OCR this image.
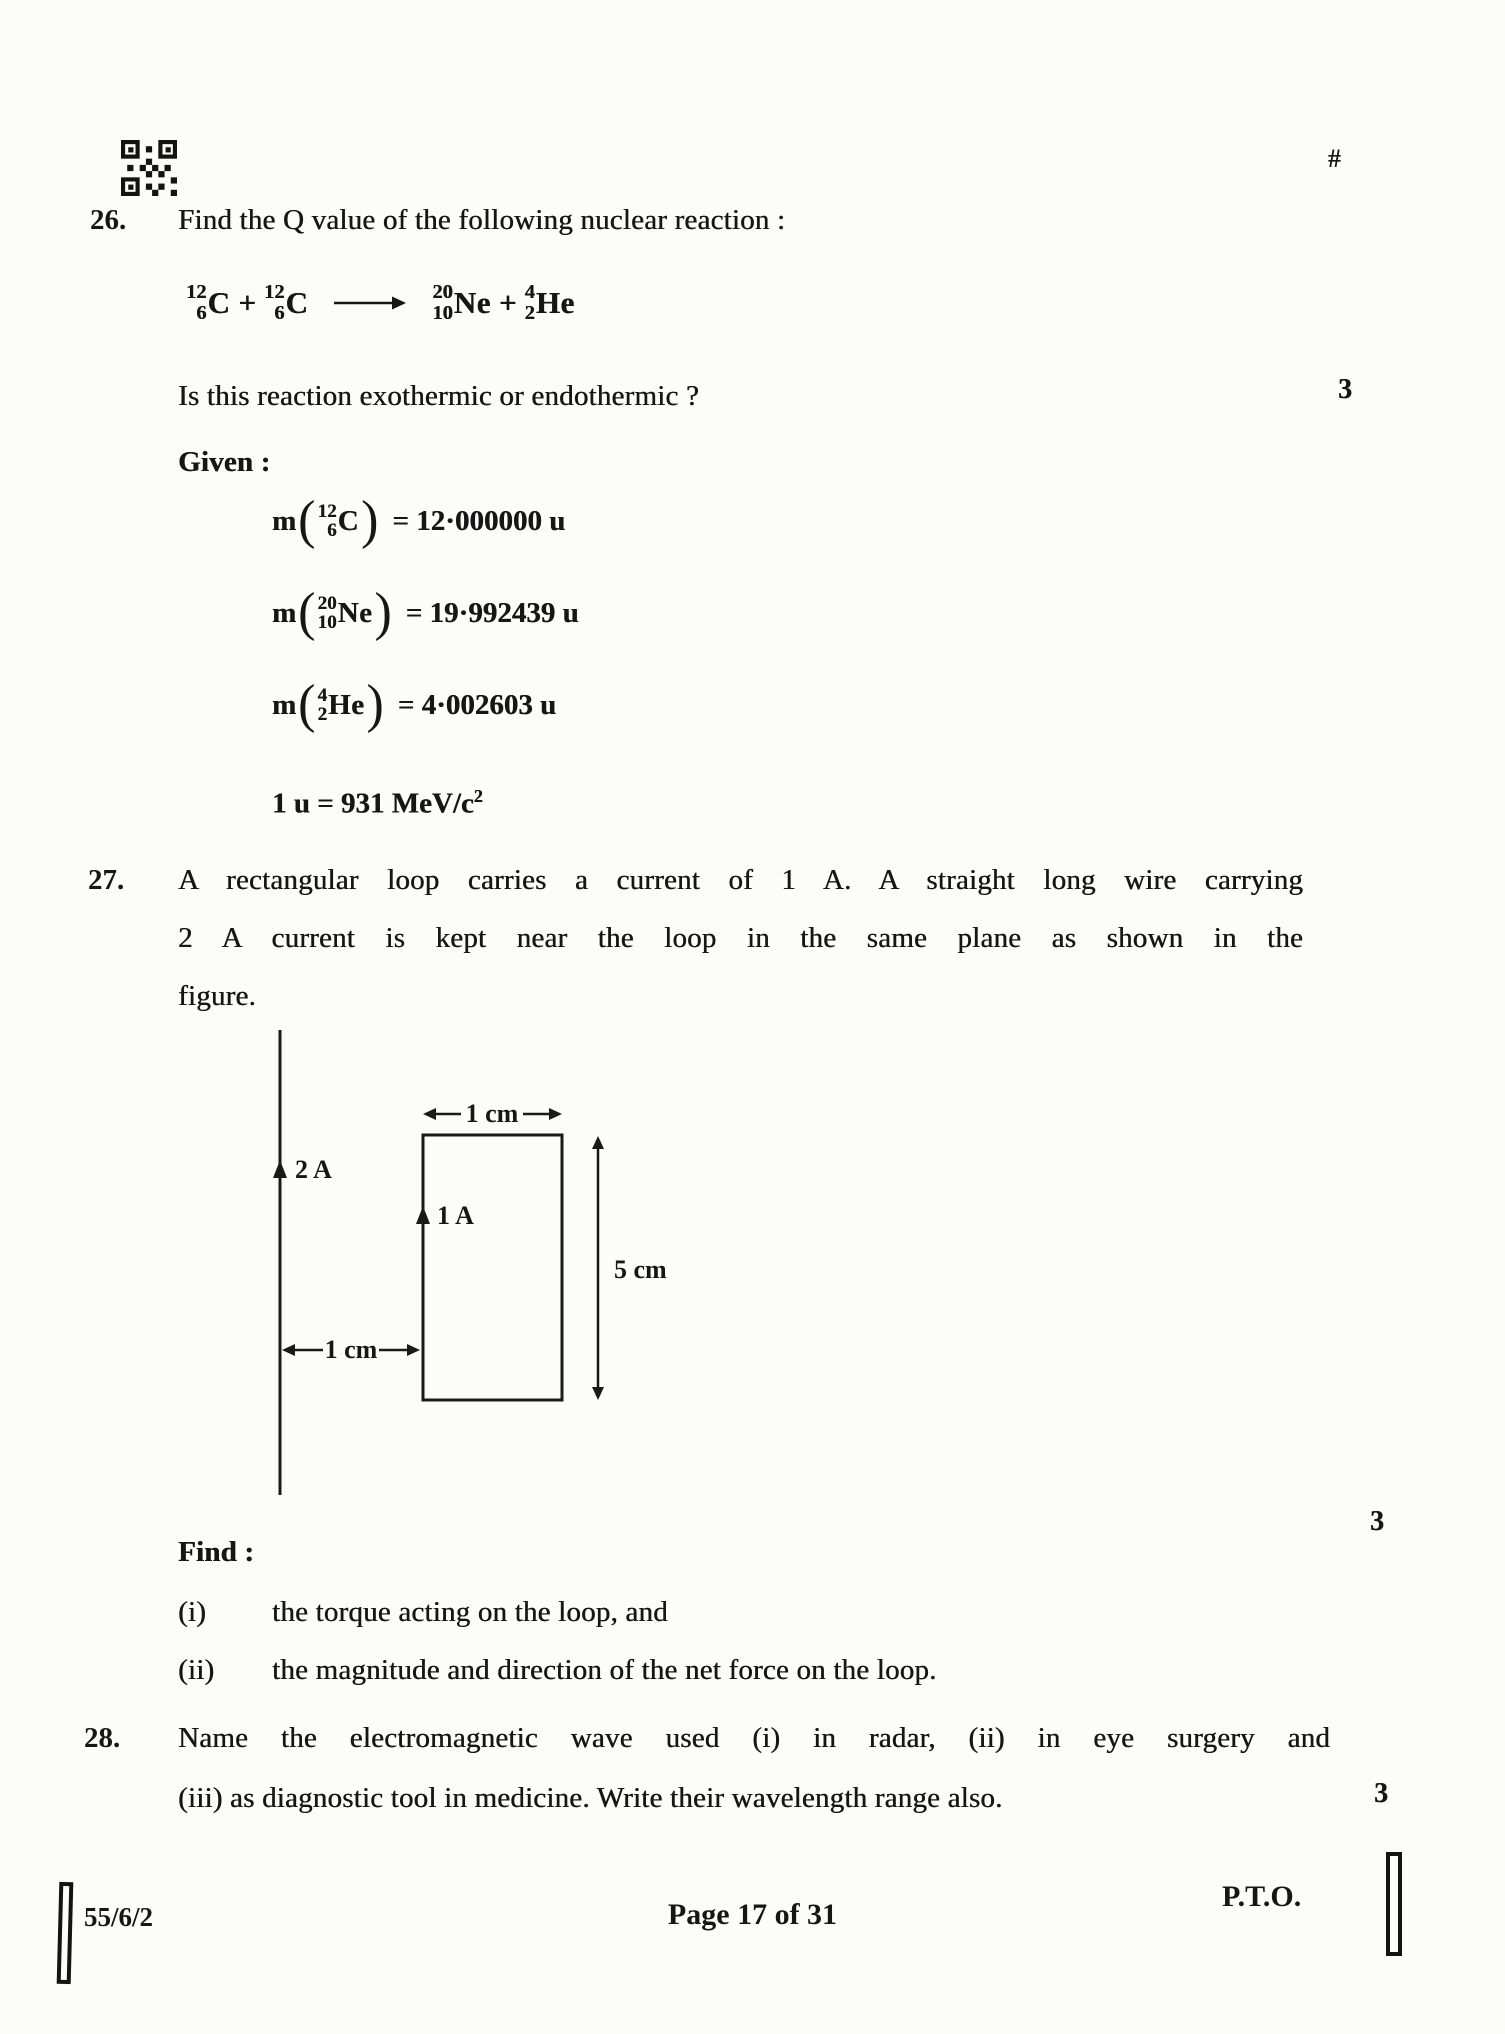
#
26. Find the Q value of the following nuclear reaction :
12
6 C + 12
6 C → 20
10 Ne + 4
2 He
Is this reaction exothermic or endothermic ?	3
Given :
m ( 12
6 C ) = 12·000000 u
m ( 20
10 Ne ) = 19·992439 u
m ( 4
2 He ) = 4·002603 u
1 u = 931 MeV/$c^2$
27. A rectangular loop carries a current of 1 A. A straight long wire carrying
2 A current is kept near the loop in the same plane as shown in the
figure.
2 A
1 A
1 cm
1 cm
5 cm
3
Find :
(i) the torque acting on the loop, and
(ii) the magnitude and direction of the net force on the loop.
28. Name the electromagnetic wave used (i) in radar, (ii) in eye surgery and
(iii) as diagnostic tool in medicine. Write their wavelength range also.	3
55/6/2	Page 17 of 31
P.T.O.
